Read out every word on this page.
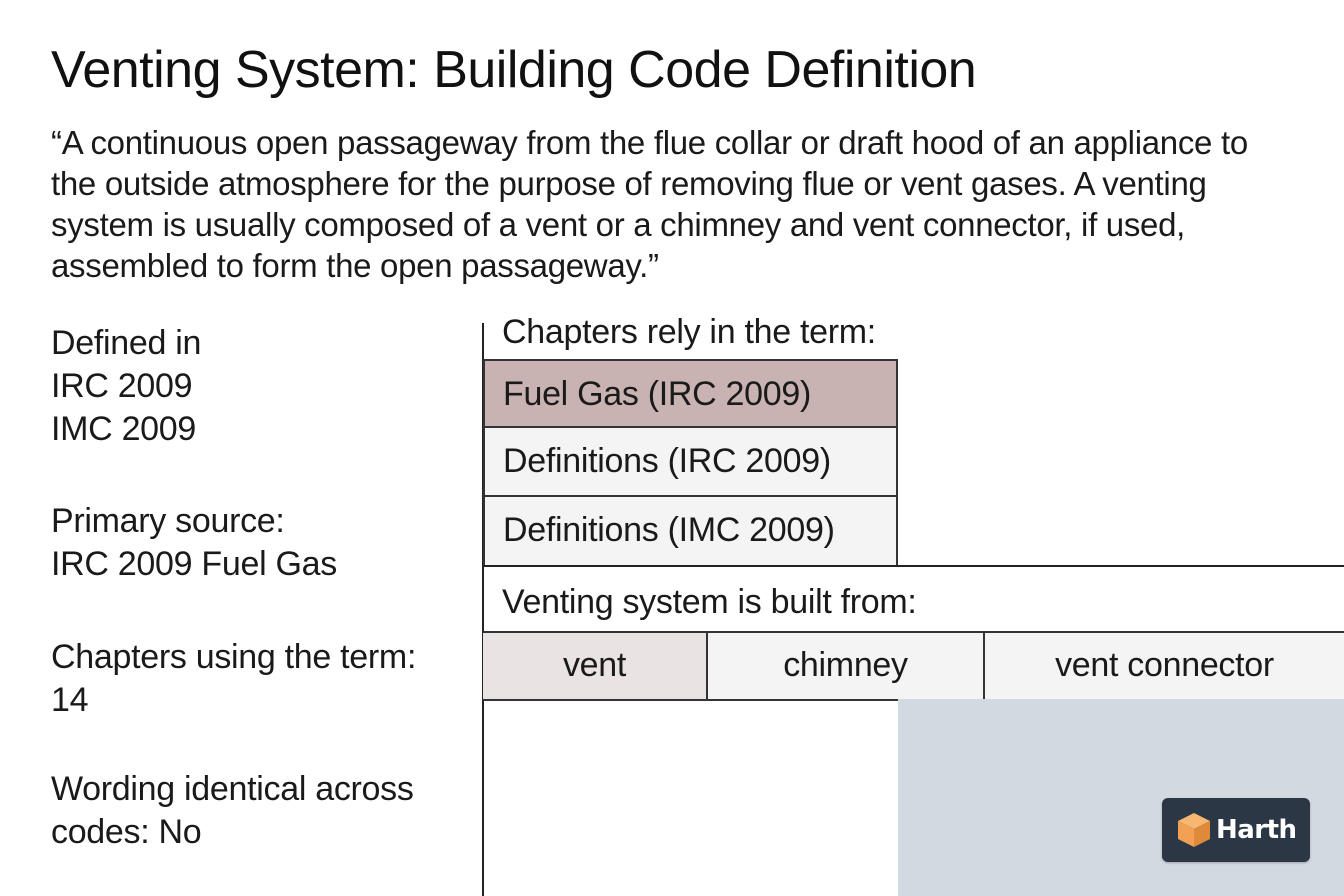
Venting System: Building Code Definition
“A continuous open passageway from the flue collar or draft hood of an appliance to the outside atmosphere for the purpose of removing flue or vent gases. A venting system is usually composed of a vent or a chimney and vent connector, if used, assembled to form the open passageway.”
Defined in
IRC 2009
IMC 2009
Primary source:
IRC 2009 Fuel Gas
Chapters using the term:
14
Wording identical across
codes: No
Chapters rely in the term:
Fuel Gas (IRC 2009)
Definitions (IRC 2009)
Definitions (IMC 2009)
Venting system is built from:
vent	chimney	vent connector
Harth
